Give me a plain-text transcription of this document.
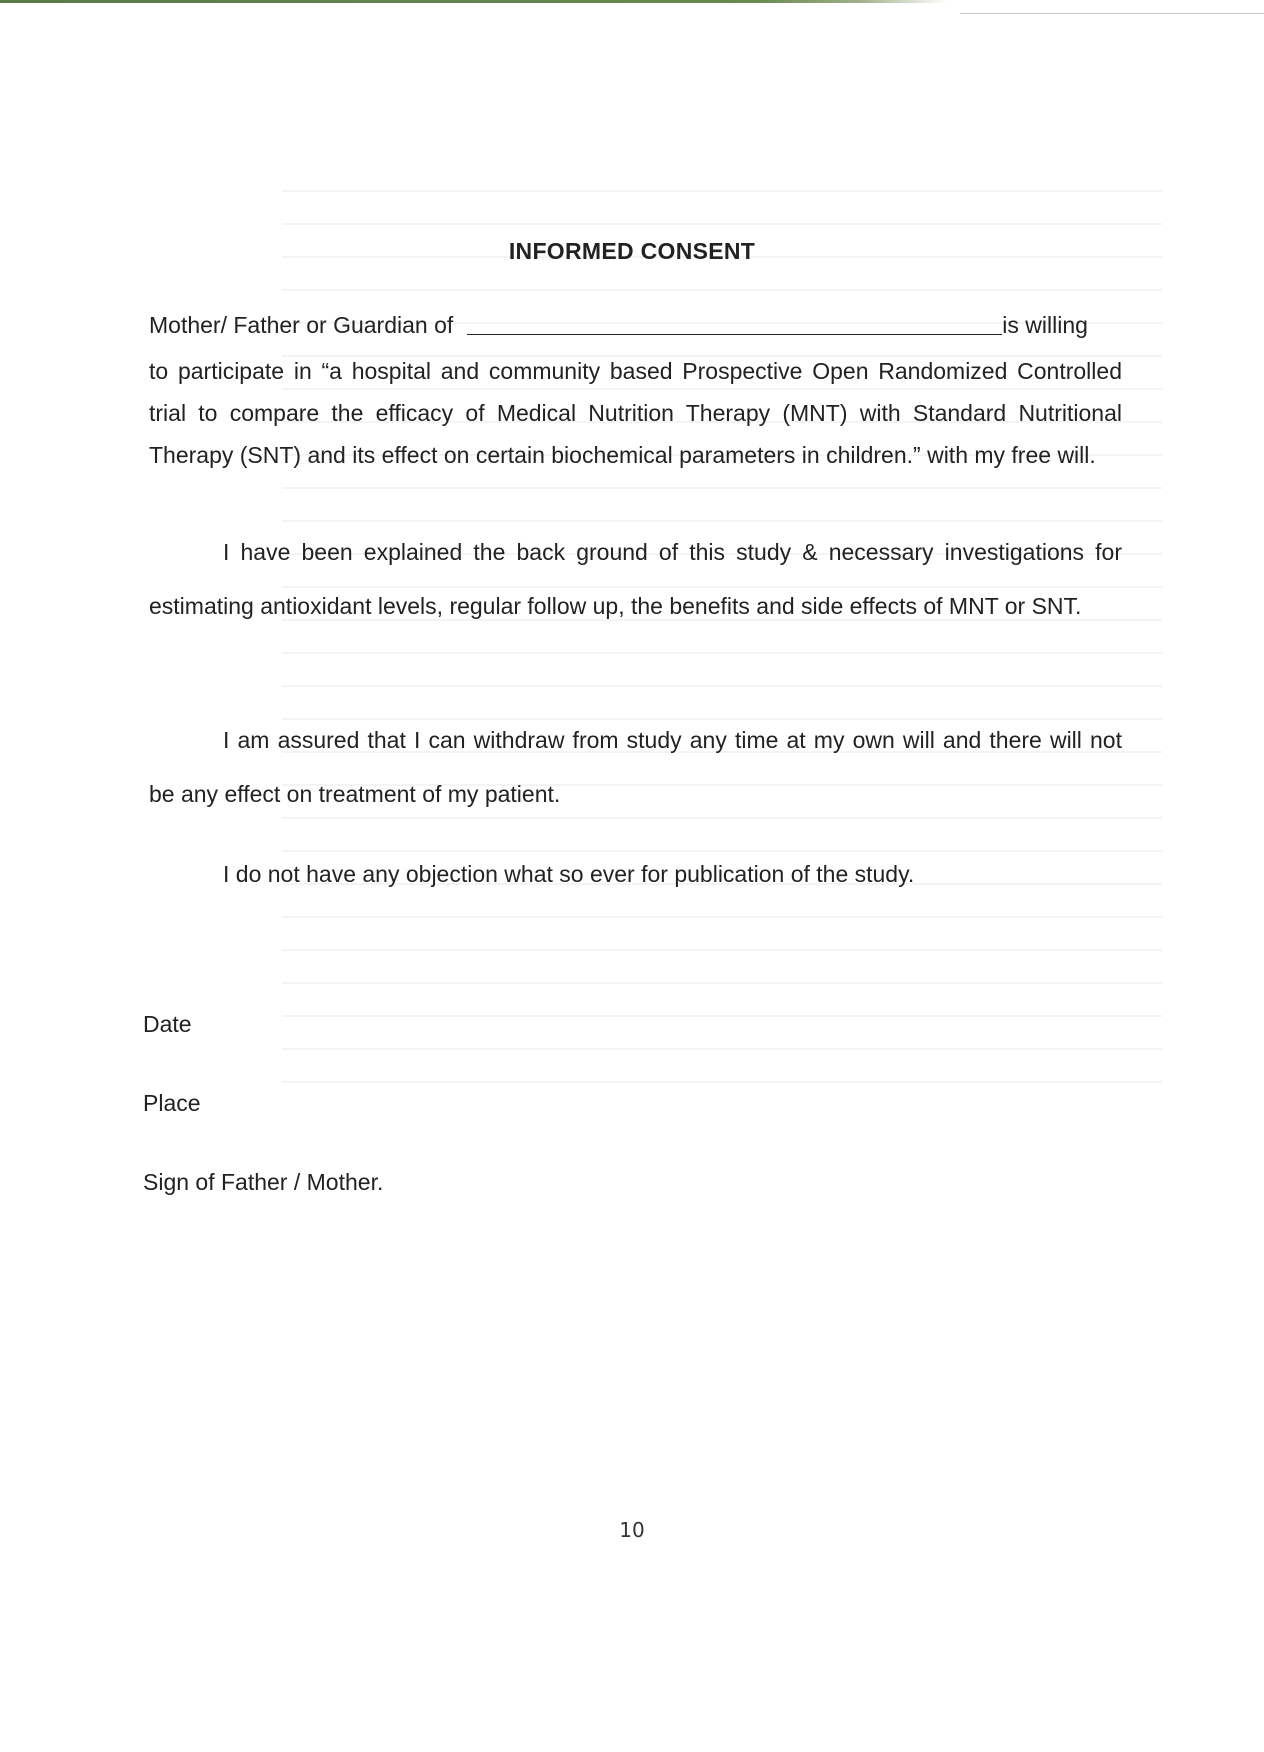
INFORMED CONSENT
Mother/ Father or Guardian of	is willing
to participate in “a hospital and community based Prospective Open Randomized Controlled trial to compare the efficacy of Medical Nutrition Therapy (MNT) with Standard Nutritional Therapy (SNT) and its effect on certain biochemical parameters in children.” with my free will.
I have been explained the back ground of this study & necessary investigations for estimating antioxidant levels, regular follow up, the benefits and side effects of MNT or SNT.
I am assured that I can withdraw from study any time at my own will and there will not be any effect on treatment of my patient.
I do not have any objection what so ever for publication of the study.
Date
Place
Sign of Father / Mother.
10
